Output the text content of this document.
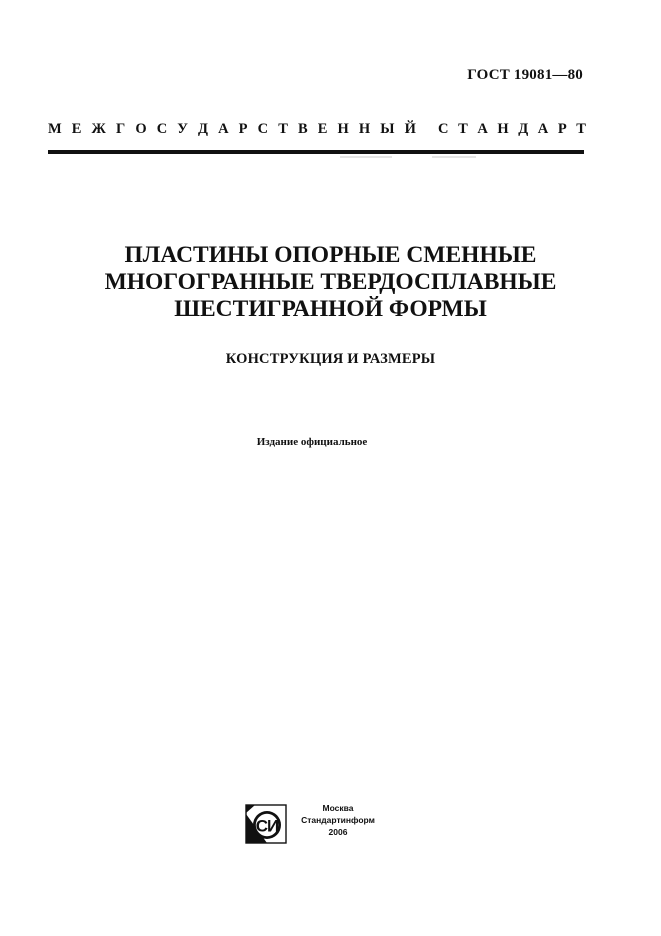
ГОСТ 19081—80
М Е Ж Г О С У Д А Р С Т В Е Н Н Ы Й С Т А Н Д А Р Т
ПЛАСТИНЫ ОПОРНЫЕ СМЕННЫЕ
МНОГОГРАННЫЕ ТВЕРДОСПЛАВНЫЕ
ШЕСТИГРАННОЙ ФОРМЫ
КОНСТРУКЦИЯ И РАЗМЕРЫ
Издание официальное
СИ
Москва
Стандартинформ
2006
